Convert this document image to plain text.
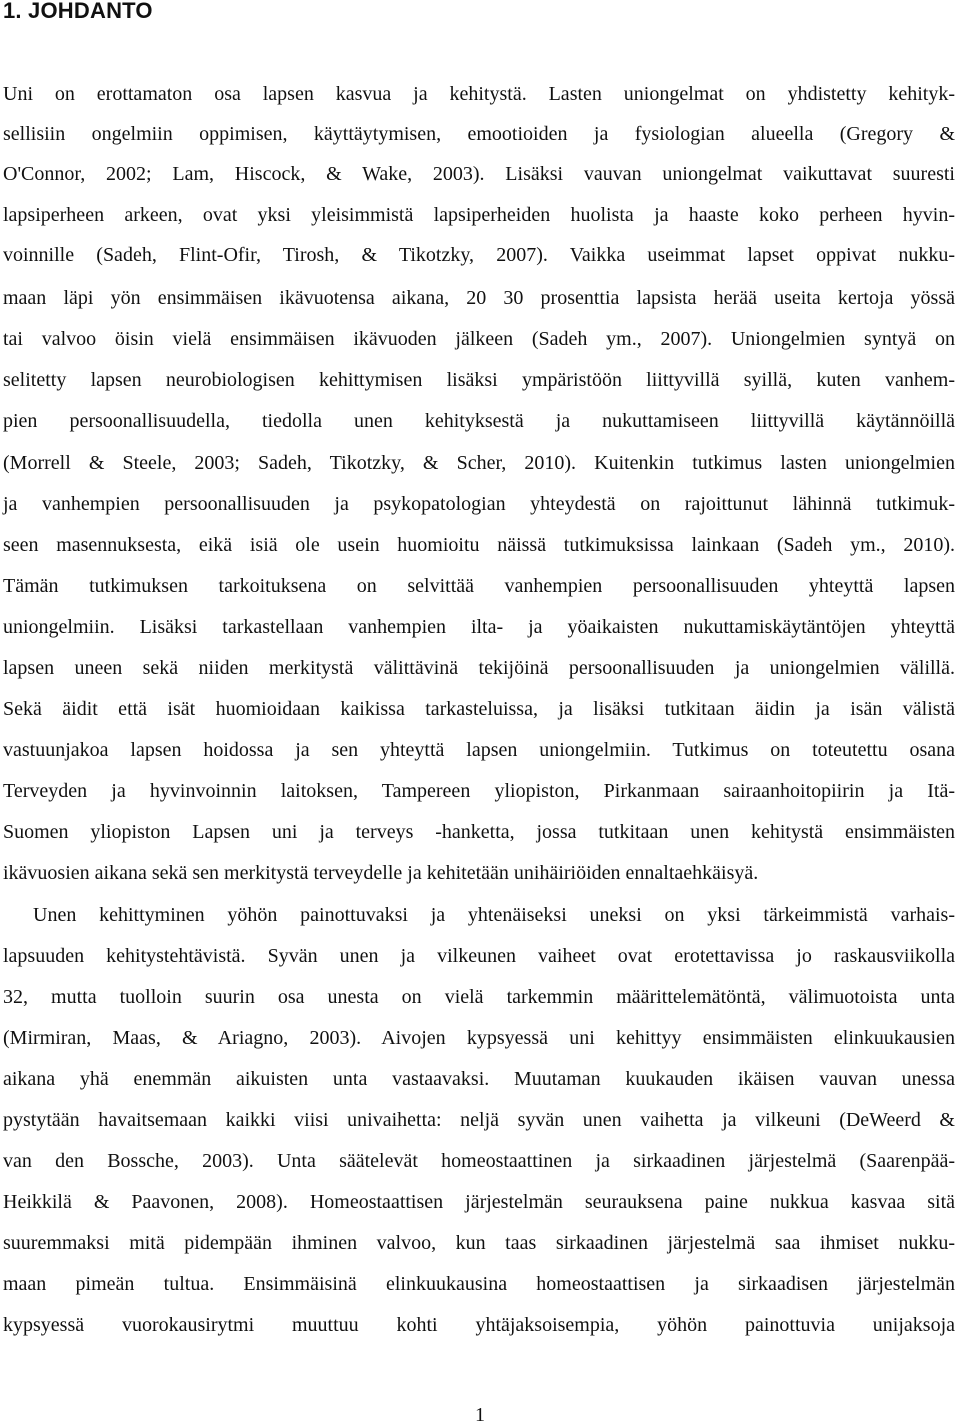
1. JOHDANTO

Uni on erottamaton osa lapsen kasvua ja kehitystä. Lasten uniongelmat on yhdistetty kehityk-

sellisiin ongelmiin oppimisen, käyttäytymisen, emootioiden ja fysiologian alueella (Gregory &

O'Connor, 2002; Lam, Hiscock, & Wake, 2003). Lisäksi vauvan uniongelmat vaikuttavat suuresti

lapsiperheen arkeen, ovat yksi yleisimmistä lapsiperheiden huolista ja haaste koko perheen hyvin-

voinnille (Sadeh, Flint-Ofir, Tirosh, & Tikotzky, 2007). Vaikka useimmat lapset oppivat nukku-

maan läpi yön ensimmäisen ikävuotensa aikana, 20 30 prosenttia lapsista herää useita kertoja yössä

tai valvoo öisin vielä ensimmäisen ikävuoden jälkeen (Sadeh ym., 2007). Uniongelmien syntyä on

selitetty lapsen neurobiologisen kehittymisen lisäksi ympäristöön liittyvillä syillä, kuten vanhem-

pien persoonallisuudella, tiedolla unen kehityksestä ja nukuttamiseen liittyvillä käytännöillä

(Morrell & Steele, 2003; Sadeh, Tikotzky, & Scher, 2010). Kuitenkin tutkimus lasten uniongelmien

ja vanhempien persoonallisuuden ja psykopatologian yhteydestä on rajoittunut lähinnä tutkimuk-

seen masennuksesta, eikä isiä ole usein huomioitu näissä tutkimuksissa lainkaan (Sadeh ym., 2010).

Tämän tutkimuksen tarkoituksena on selvittää vanhempien persoonallisuuden yhteyttä lapsen

uniongelmiin. Lisäksi tarkastellaan vanhempien ilta- ja yöaikaisten nukuttamiskäytäntöjen yhteyttä

lapsen uneen sekä niiden merkitystä välittävinä tekijöinä persoonallisuuden ja uniongelmien välillä.

Sekä äidit että isät huomioidaan kaikissa tarkasteluissa, ja lisäksi tutkitaan äidin ja isän välistä

vastuunjakoa lapsen hoidossa ja sen yhteyttä lapsen uniongelmiin. Tutkimus on toteutettu osana

Terveyden ja hyvinvoinnin laitoksen, Tampereen yliopiston, Pirkanmaan sairaanhoitopiirin ja Itä-

Suomen yliopiston Lapsen uni ja terveys -hanketta, jossa tutkitaan unen kehitystä ensimmäisten

ikävuosien aikana sekä sen merkitystä terveydelle ja kehitetään unihäiriöiden ennaltaehkäisyä.

Unen kehittyminen yöhön painottuvaksi ja yhtenäiseksi uneksi on yksi tärkeimmistä varhais-

lapsuuden kehitystehtävistä. Syvän unen ja vilkeunen vaiheet ovat erotettavissa jo raskausviikolla

32, mutta tuolloin suurin osa unesta on vielä tarkemmin määrittelemätöntä, välimuotoista unta

(Mirmiran, Maas, & Ariagno, 2003). Aivojen kypsyessä uni kehittyy ensimmäisten elinkuukausien

aikana yhä enemmän aikuisten unta vastaavaksi. Muutaman kuukauden ikäisen vauvan unessa

pystytään havaitsemaan kaikki viisi univaihetta: neljä syvän unen vaihetta ja vilkeuni (DeWeerd &

van den Bossche, 2003). Unta säätelevät homeostaattinen ja sirkaadinen järjestelmä (Saarenpää-

Heikkilä & Paavonen, 2008). Homeostaattisen järjestelmän seurauksena paine nukkua kasvaa sitä

suuremmaksi mitä pidempään ihminen valvoo, kun taas sirkaadinen järjestelmä saa ihmiset nukku-

maan pimeän tultua. Ensimmäisinä elinkuukausina homeostaattisen ja sirkaadisen järjestelmän

kypsyessä vuorokausirytmi muuttuu kohti yhtäjaksoisempia, yöhön painottuvia unijaksoja

1
